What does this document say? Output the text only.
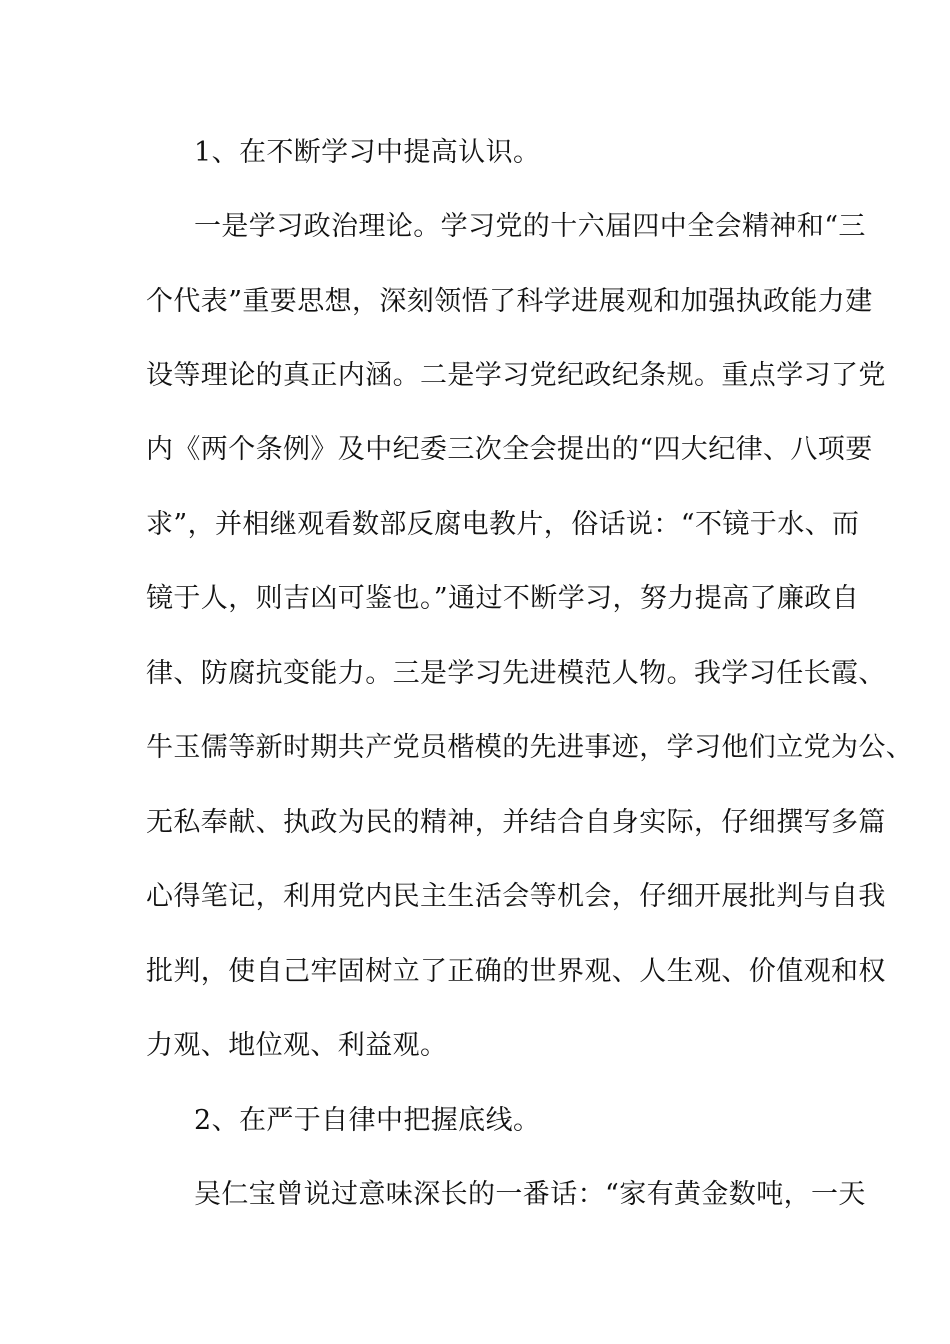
1、在不断学习中提高认识。
一是学习政治理论。学习党的十六届四中全会精神和“三
个代表”重要思想，深刻领悟了科学进展观和加强执政能力建
设等理论的真正内涵。二是学习党纪政纪条规。重点学习了党
内《两个条例》及中纪委三次全会提出的“四大纪律、八项要
求”，并相继观看数部反腐电教片，俗话说：“不镜于水、而
镜于人，则吉凶可鉴也。”通过不断学习，努力提高了廉政自
律、防腐抗变能力。三是学习先进模范人物。我学习任长霞、
牛玉儒等新时期共产党员楷模的先进事迹，学习他们立党为公、
无私奉献、执政为民的精神，并结合自身实际，仔细撰写多篇
心得笔记，利用党内民主生活会等机会，仔细开展批判与自我
批判，使自己牢固树立了正确的世界观、人生观、价值观和权
力观、地位观、利益观。
2、在严于自律中把握底线。
吴仁宝曾说过意味深长的一番话：“家有黄金数吨，一天
